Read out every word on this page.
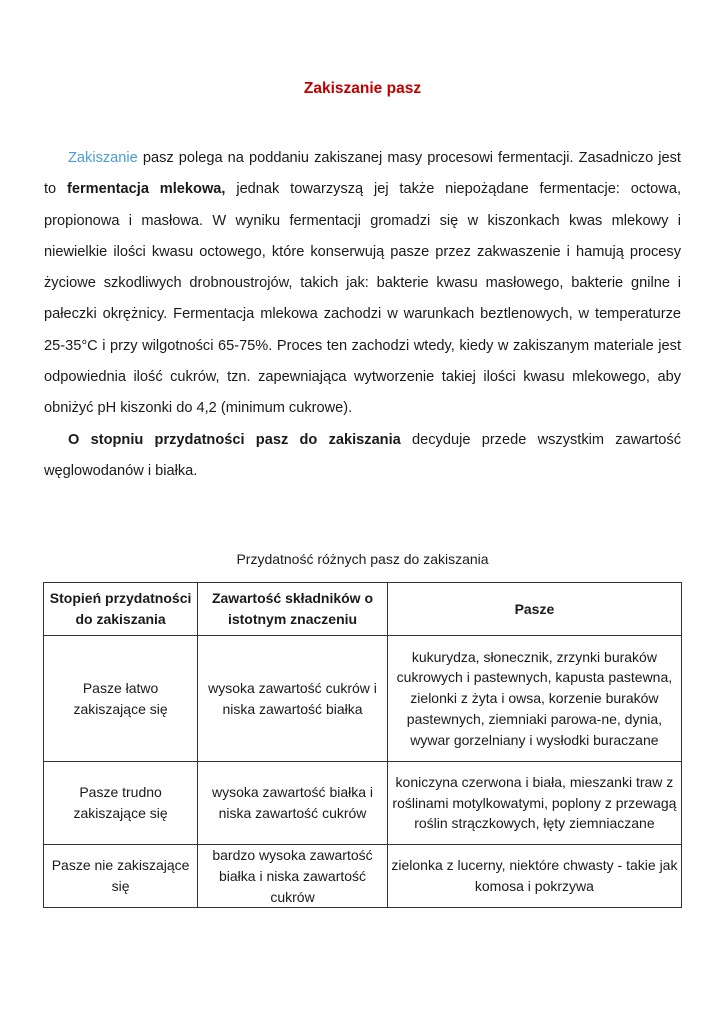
Zakiszanie pasz

Zakiszanie pasz polega na poddaniu zakiszanej masy procesowi fermentacji. Zasadniczo jest to fermentacja mlekowa, jednak towarzyszą jej także niepożądane fermentacje: octowa, propionowa i masłowa. W wyniku fermentacji gromadzi się w kiszonkach kwas mlekowy i niewielkie ilości kwasu octowego, które konserwują pasze przez zakwaszenie i hamują procesy życiowe szkodliwych drobnoustrojów, takich jak: bakterie kwasu masłowego, bakterie gnilne i pałeczki okrężnicy. Fermentacja mlekowa zachodzi w warunkach beztlenowych, w temperaturze 25-35°C i przy wilgotności 65-75%. Proces ten zachodzi wtedy, kiedy w zakiszanym materiale jest odpowiednia ilość cukrów, tzn. zapewniająca wytworzenie takiej ilości kwasu mlekowego, aby obniżyć pH kiszonki do 4,2 (minimum cukrowe).

O stopniu przydatności pasz do zakiszania decyduje przede wszystkim zawartość węglowodanów i białka.

Przydatność różnych pasz do zakiszania
Stopień przydatności do zakiszania	Zawartość składników o istotnym znaczeniu	Pasze
Pasze łatwo zakiszające się	wysoka zawartość cukrów i niska zawartość białka	kukurydza, słonecznik, zrzynki buraków cukrowych i pastewnych, kapusta pastewna, zielonki z żyta i owsa, korzenie buraków pastewnych, ziemniaki parowa-ne, dynia, wywar gorzelniany i wysłodki buraczane
Pasze trudno zakiszające się	wysoka zawartość białka i niska zawartość cukrów	koniczyna czerwona i biała, mieszanki traw z roślinami motylkowatymi, poplony z przewagą roślin strączkowych, łęty ziemniaczane
Pasze nie zakiszające się	bardzo wysoka zawartość białka i niska zawartość cukrów	zielonka z lucerny, niektóre chwasty - takie jak komosa i pokrzywa
